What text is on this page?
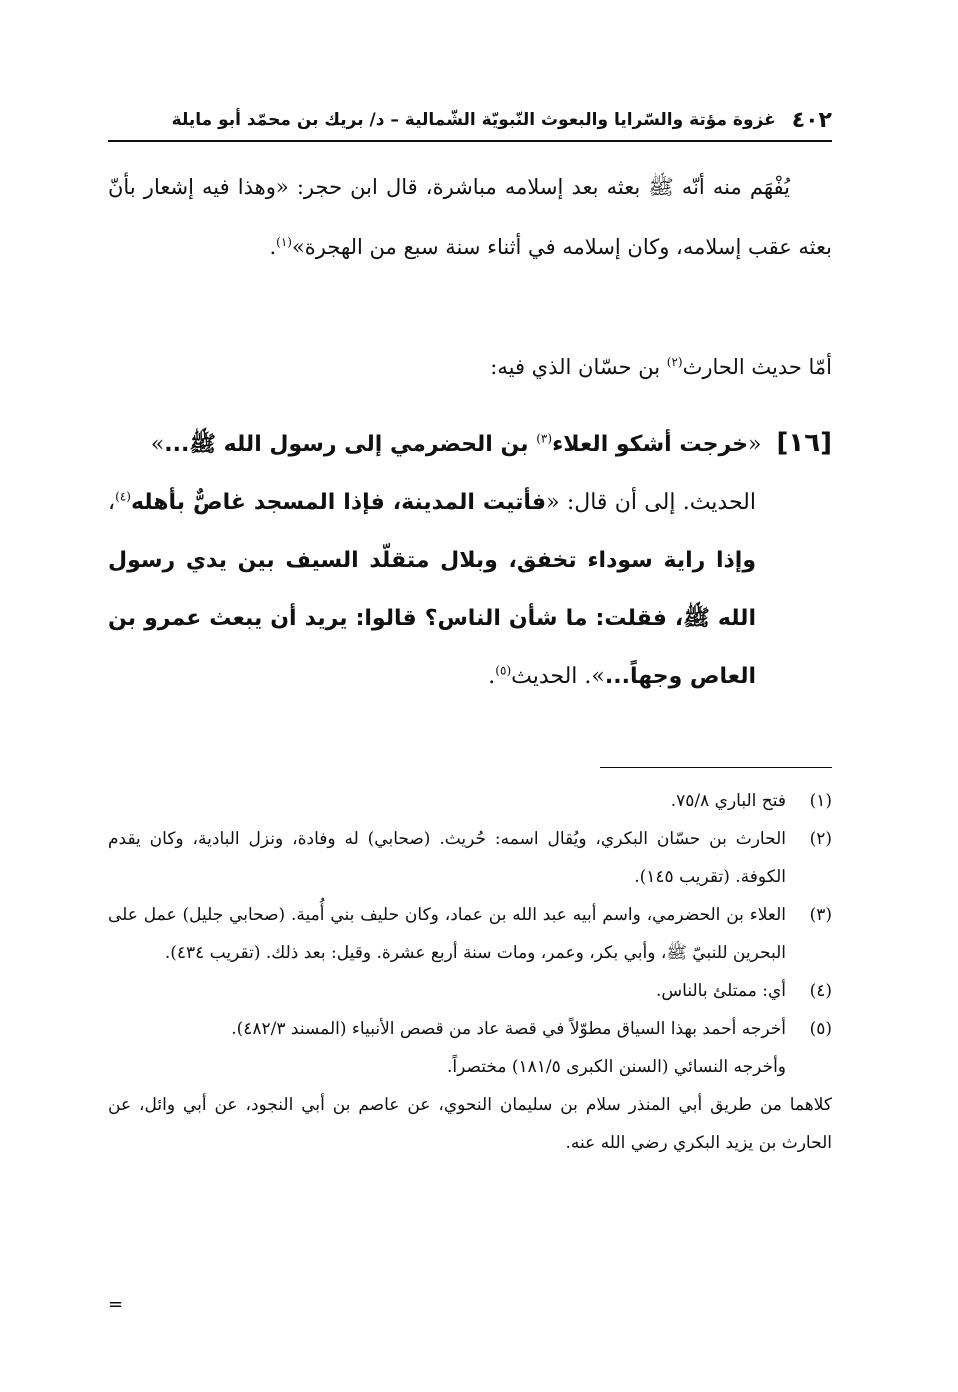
٤٠٢
غزوة مؤتة والسّرايا والبعوث النّبويّة الشّمالية – د/ بريك بن محمّد أبو مايلة

يُفْهَم منه أنّه ﷺ بعثه بعد إسلامه مباشرة، قال ابن حجر: «وهذا فيه إشعار بأنّ بعثه عقب إسلامه، وكان إسلامه في أثناء سنة سبع من الهجرة»$^{(١)}$.

أمّا حديث الحارث$^{(٢)}$ بن حسّان الذي فيه:

[١٦] «خرجت أشكو العلاء$^{(٣)}$ بن الحضرمي إلى رسول الله ﷺ...»
الحديث. إلى أن قال: «فأتيت المدينة، فإذا المسجد غاصٌّ بأهله$^{(٤)}$، وإذا راية سوداء تخفق، وبلال متقلّد السيف بين يدي رسول الله ﷺ، فقلت: ما شأن الناس؟ قالوا: يريد أن يبعث عمرو بن العاص وجهاً...». الحديث$^{(٥)}$.
(١)
فتح الباري ٧٥/٨.
(٢)
الحارث بن حسّان البكري، ويُقال اسمه: حُريث. (صحابي) له وفادة، ونزل البادية، وكان يقدم الكوفة. (تقريب ١٤٥).
(٣)
العلاء بن الحضرمي، واسم أبيه عبد الله بن عماد، وكان حليف بني أُمية. (صحابي جليل) عمل على البحرين للنبيّ ﷺ، وأبي بكر، وعمر، ومات سنة أربع عشرة. وقيل: بعد ذلك. (تقريب ٤٣٤).
(٤)
أي: ممتلئ بالناس.
(٥)
أخرجه أحمد بهذا السياق مطوّلاً في قصة عاد من قصص الأنبياء (المسند ٤٨٢/٣).

وأخرجه النسائي (السنن الكبرى ١٨١/٥) مختصراً.

كلاهما من طريق أبي المنذر سلام بن سليمان النحوي، عن عاصم بن أبي النجود، عن أبي وائل، عن الحارث بن يزيد البكري رضي الله عنه.

=
